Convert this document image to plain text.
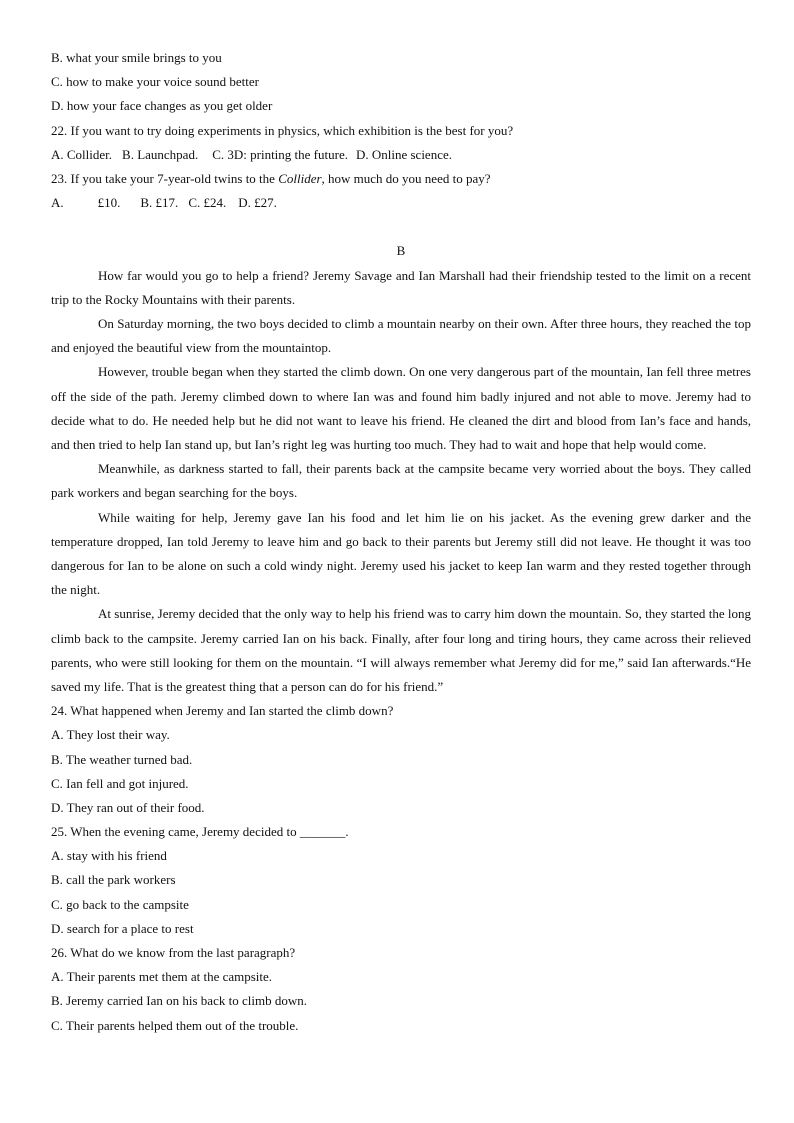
B. what your smile brings to you
C. how to make your voice sound better
D. how your face changes as you get older
22. If you want to try doing experiments in physics, which exhibition is the best for you?
A. Collider. B. Launchpad. C. 3D: printing the future. D. Online science.
23. If you take your 7-year-old twins to the Collider, how much do you need to pay?
A.	£10. B. £17. C. £24. D. £27.
B

How far would you go to help a friend? Jeremy Savage and Ian Marshall had their friendship tested to the limit on a recent trip to the Rocky Mountains with their parents.

On Saturday morning, the two boys decided to climb a mountain nearby on their own. After three hours, they reached the top and enjoyed the beautiful view from the mountaintop.

However, trouble began when they started the climb down. On one very dangerous part of the mountain, Ian fell three metres off the side of the path. Jeremy climbed down to where Ian was and found him badly injured and not able to move. Jeremy had to decide what to do. He needed help but he did not want to leave his friend. He cleaned the dirt and blood from Ian’s face and hands, and then tried to help Ian stand up, but Ian’s right leg was hurting too much. They had to wait and hope that help would come.

Meanwhile, as darkness started to fall, their parents back at the campsite became very worried about the boys. They called park workers and began searching for the boys.

While waiting for help, Jeremy gave Ian his food and let him lie on his jacket. As the evening grew darker and the temperature dropped, Ian told Jeremy to leave him and go back to their parents but Jeremy still did not leave. He thought it was too dangerous for Ian to be alone on such a cold windy night. Jeremy used his jacket to keep Ian warm and they rested together through the night.

At sunrise, Jeremy decided that the only way to help his friend was to carry him down the mountain. So, they started the long climb back to the campsite. Jeremy carried Ian on his back. Finally, after four long and tiring hours, they came across their relieved parents, who were still looking for them on the mountain. “I will always remember what Jeremy did for me,” said Ian afterwards.“He saved my life. That is the greatest thing that a person can do for his friend.”

24. What happened when Jeremy and Ian started the climb down?
A. They lost their way.
B. The weather turned bad.
C. Ian fell and got injured.
D. They ran out of their food.
25. When the evening came, Jeremy decided to _______.
A. stay with his friend
B. call the park workers
C. go back to the campsite
D. search for a place to rest
26. What do we know from the last paragraph?
A. Their parents met them at the campsite.
B. Jeremy carried Ian on his back to climb down.
C. Their parents helped them out of the trouble.
